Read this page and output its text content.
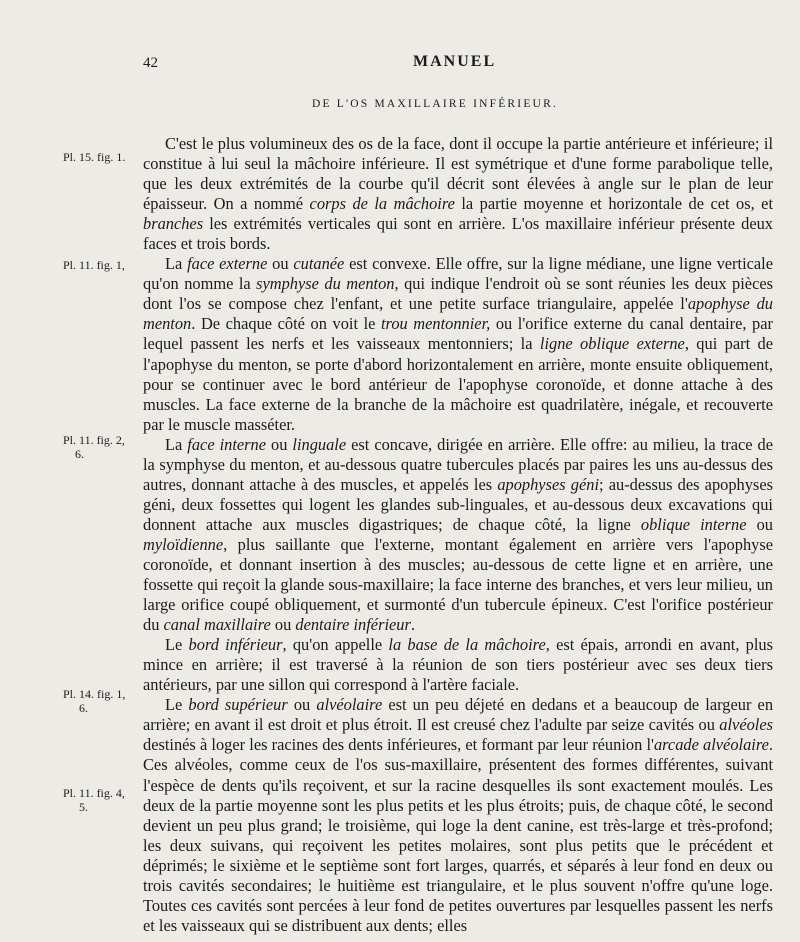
42	MANUEL
DE L'OS MAXILLAIRE INFÉRIEUR.
Pl. 15. fig. 1.
Pl. 11. fig. 1,
Pl. 11. fig. 2,
6.
Pl. 14. fig. 1,
6.
Pl. 11. fig. 4,
5.

C'est le plus volumineux des os de la face, dont il occupe la partie antérieure et inférieure; il constitue à lui seul la mâchoire inférieure. Il est symétrique et d'une forme parabolique telle, que les deux extrémités de la courbe qu'il décrit sont élevées à angle sur le plan de leur épaisseur. On a nommé corps de la mâchoire la partie moyenne et horizontale de cet os, et branches les extrémités verticales qui sont en arrière. L'os maxillaire inférieur présente deux faces et trois bords.

La face externe ou cutanée est convexe. Elle offre, sur la ligne médiane, une ligne verticale qu'on nomme la symphyse du menton, qui indique l'endroit où se sont réunies les deux pièces dont l'os se compose chez l'enfant, et une petite surface triangulaire, appelée l'apophyse du menton. De chaque côté on voit le trou mentonnier, ou l'orifice externe du canal dentaire, par lequel passent les nerfs et les vaisseaux mentonniers; la ligne oblique externe, qui part de l'apophyse du menton, se porte d'abord horizontalement en arrière, monte ensuite obliquement, pour se continuer avec le bord antérieur de l'apophyse coronoïde, et donne attache à des muscles. La face externe de la branche de la mâchoire est quadrilatère, inégale, et recouverte par le muscle masséter.

La face interne ou linguale est concave, dirigée en arrière. Elle offre: au milieu, la trace de la symphyse du menton, et au-dessous quatre tubercules placés par paires les uns au-dessus des autres, donnant attache à des muscles, et appelés les apophyses géni; au-dessus des apophyses géni, deux fossettes qui logent les glandes sub-linguales, et au-dessous deux excavations qui donnent attache aux muscles digastriques; de chaque côté, la ligne oblique interne ou myloïdienne, plus saillante que l'externe, montant également en arrière vers l'apophyse coronoïde, et donnant insertion à des muscles; au-dessous de cette ligne et en arrière, une fossette qui reçoit la glande sous-maxillaire; la face interne des branches, et vers leur milieu, un large orifice coupé obliquement, et surmonté d'un tubercule épineux. C'est l'orifice postérieur du canal maxillaire ou dentaire inférieur.

Le bord inférieur, qu'on appelle la base de la mâchoire, est épais, arrondi en avant, plus mince en arrière; il est traversé à la réunion de son tiers postérieur avec ses deux tiers antérieurs, par une sillon qui correspond à l'artère faciale.

Le bord supérieur ou alvéolaire est un peu déjeté en dedans et a beaucoup de largeur en arrière; en avant il est droit et plus étroit. Il est creusé chez l'adulte par seize cavités ou alvéoles destinés à loger les racines des dents inférieures, et formant par leur réunion l'arcade alvéolaire. Ces alvéoles, comme ceux de l'os sus-maxillaire, présentent des formes différentes, suivant l'espèce de dents qu'ils reçoivent, et sur la racine desquelles ils sont exactement moulés. Les deux de la partie moyenne sont les plus petits et les plus étroits; puis, de chaque côté, le second devient un peu plus grand; le troisième, qui loge la dent canine, est très-large et très-profond; les deux suivans, qui reçoivent les petites molaires, sont plus petits que le précédent et déprimés; le sixième et le septième sont fort larges, quarrés, et séparés à leur fond en deux ou trois cavités secondaires; le huitième est triangulaire, et le plus souvent n'offre qu'une loge. Toutes ces cavités sont percées à leur fond de petites ouvertures par lesquelles passent les nerfs et les vaisseaux qui se distribuent aux dents; elles
